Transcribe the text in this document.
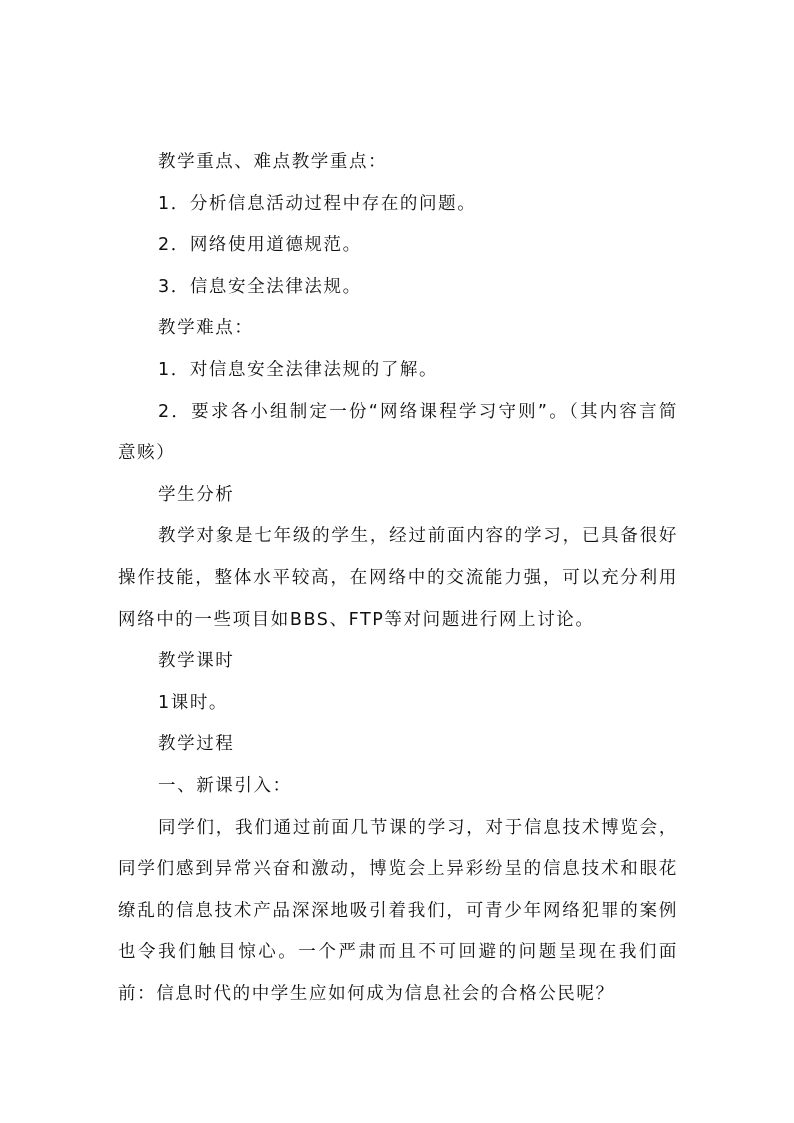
教学重点、难点教学重点：

1．分析信息活动过程中存在的问题。

2．网络使用道德规范。

3．信息安全法律法规。

教学难点：

1．对信息安全法律法规的了解。

2．要求各小组制定一份“网络课程学习守则”。（其内容言简意赅）

学生分析

教学对象是七年级的学生，经过前面内容的学习，已具备很好操作技能，整体水平较高，在网络中的交流能力强，可以充分利用网络中的一些项目如BBS、FTP等对问题进行网上讨论。

教学课时

1课时。

教学过程

一、新课引入：

同学们，我们通过前面几节课的学习，对于信息技术博览会，同学们感到异常兴奋和激动，博览会上异彩纷呈的信息技术和眼花缭乱的信息技术产品深深地吸引着我们，可青少年网络犯罪的案例也令我们触目惊心。一个严肃而且不可回避的问题呈现在我们面前：信息时代的中学生应如何成为信息社会的合格公民呢？
